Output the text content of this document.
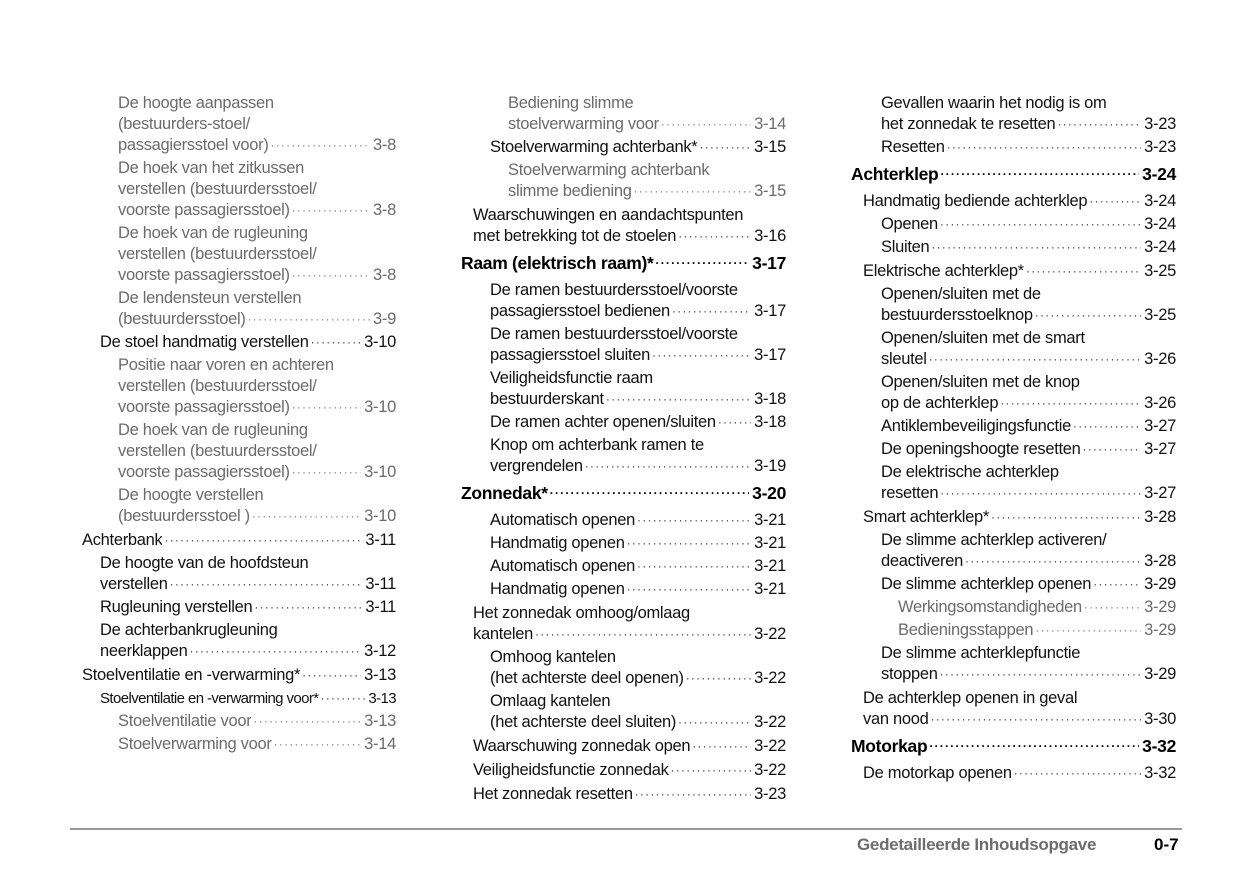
De hoogte aanpassen
(bestuurders-stoel/
passagiersstoel voor) ·····	3-8
De hoek van het zitkussen
verstellen (bestuurdersstoel/
voorste passagiersstoel) ·····	3-8
De hoek van de rugleuning
verstellen (bestuurdersstoel/
voorste passagiersstoel) ·····	3-8
De lendensteun verstellen
(bestuurdersstoel) ·····	3-9
De stoel handmatig verstellen ·····	3-10
Positie naar voren en achteren
verstellen (bestuurdersstoel/
voorste passagiersstoel) ·····	3-10
De hoek van de rugleuning
verstellen (bestuurdersstoel/
voorste passagiersstoel) ·····	3-10
De hoogte verstellen
(bestuurdersstoel ) ·····	3-10
Achterbank ·····	3-11
De hoogte van de hoofdsteun
verstellen ·····	3-11
Rugleuning verstellen ·····	3-11
De achterbankrugleuning
neerklappen ·····	3-12
Stoelventilatie en -verwarming* ·····	3-13
Stoelventilatie en -verwarming voor* ·····	3-13
Stoelventilatie voor ·····	3-13
Stoelverwarming voor ·····	3-14
Bediening slimme
stoelverwarming voor ·····	3-14
Stoelverwarming achterbank* ·····	3-15
Stoelverwarming achterbank
slimme bediening ·····	3-15
Waarschuwingen en aandachtspunten
met betrekking tot de stoelen ·····	3-16
Raam (elektrisch raam)* ·····	3-17
De ramen bestuurdersstoel/voorste
passagiersstoel bedienen ·····	3-17
De ramen bestuurdersstoel/voorste
passagiersstoel sluiten ·····	3-17
Veiligheidsfunctie raam
bestuurderskant ·····	3-18
De ramen achter openen/sluiten ····· 3-18
Knop om achterbank ramen te
vergrendelen ·····	3-19
Zonnedak* ·····	3-20
Automatisch openen ·····	3-21
Handmatig openen ·····	3-21
Automatisch openen ·····	3-21
Handmatig openen ·····	3-21
Het zonnedak omhoog/omlaag
kantelen ·····	3-22
Omhoog kantelen
(het achterste deel openen) ·····	3-22
Omlaag kantelen
(het achterste deel sluiten) ·····	3-22
Waarschuwing zonnedak open ·····	3-22
Veiligheidsfunctie zonnedak ·····	3-22
Het zonnedak resetten ·····	3-23
Gevallen waarin het nodig is om
het zonnedak te resetten ·····	3-23
Resetten ·····	3-23
Achterklep ·····	3-24
Handmatig bediende achterklep ·····	3-24
Openen ·····	3-24
Sluiten ·····	3-24
Elektrische achterklep* ·····	3-25
Openen/sluiten met de
bestuurdersstoelknop ·····	3-25
Openen/sluiten met de smart
sleutel ·····	3-26
Openen/sluiten met de knop
op de achterklep ·····	3-26
Antiklembeveiligingsfunctie ·····	3-27
De openingshoogte resetten ·····	3-27
De elektrische achterklep
resetten ·····	3-27
Smart achterklep* ·····	3-28
De slimme achterklep activeren/
deactiveren ·····	3-28
De slimme achterklep openen ·····	3-29
Werkingsomstandigheden ·····	3-29
Bedieningsstappen ·····	3-29
De slimme achterklepfunctie
stoppen ·····	3-29
De achterklep openen in geval
van nood ·····	3-30
Motorkap ·····	3-32
De motorkap openen ·····	3-32
Gedetailleerde Inhoudsopgave	0-7
